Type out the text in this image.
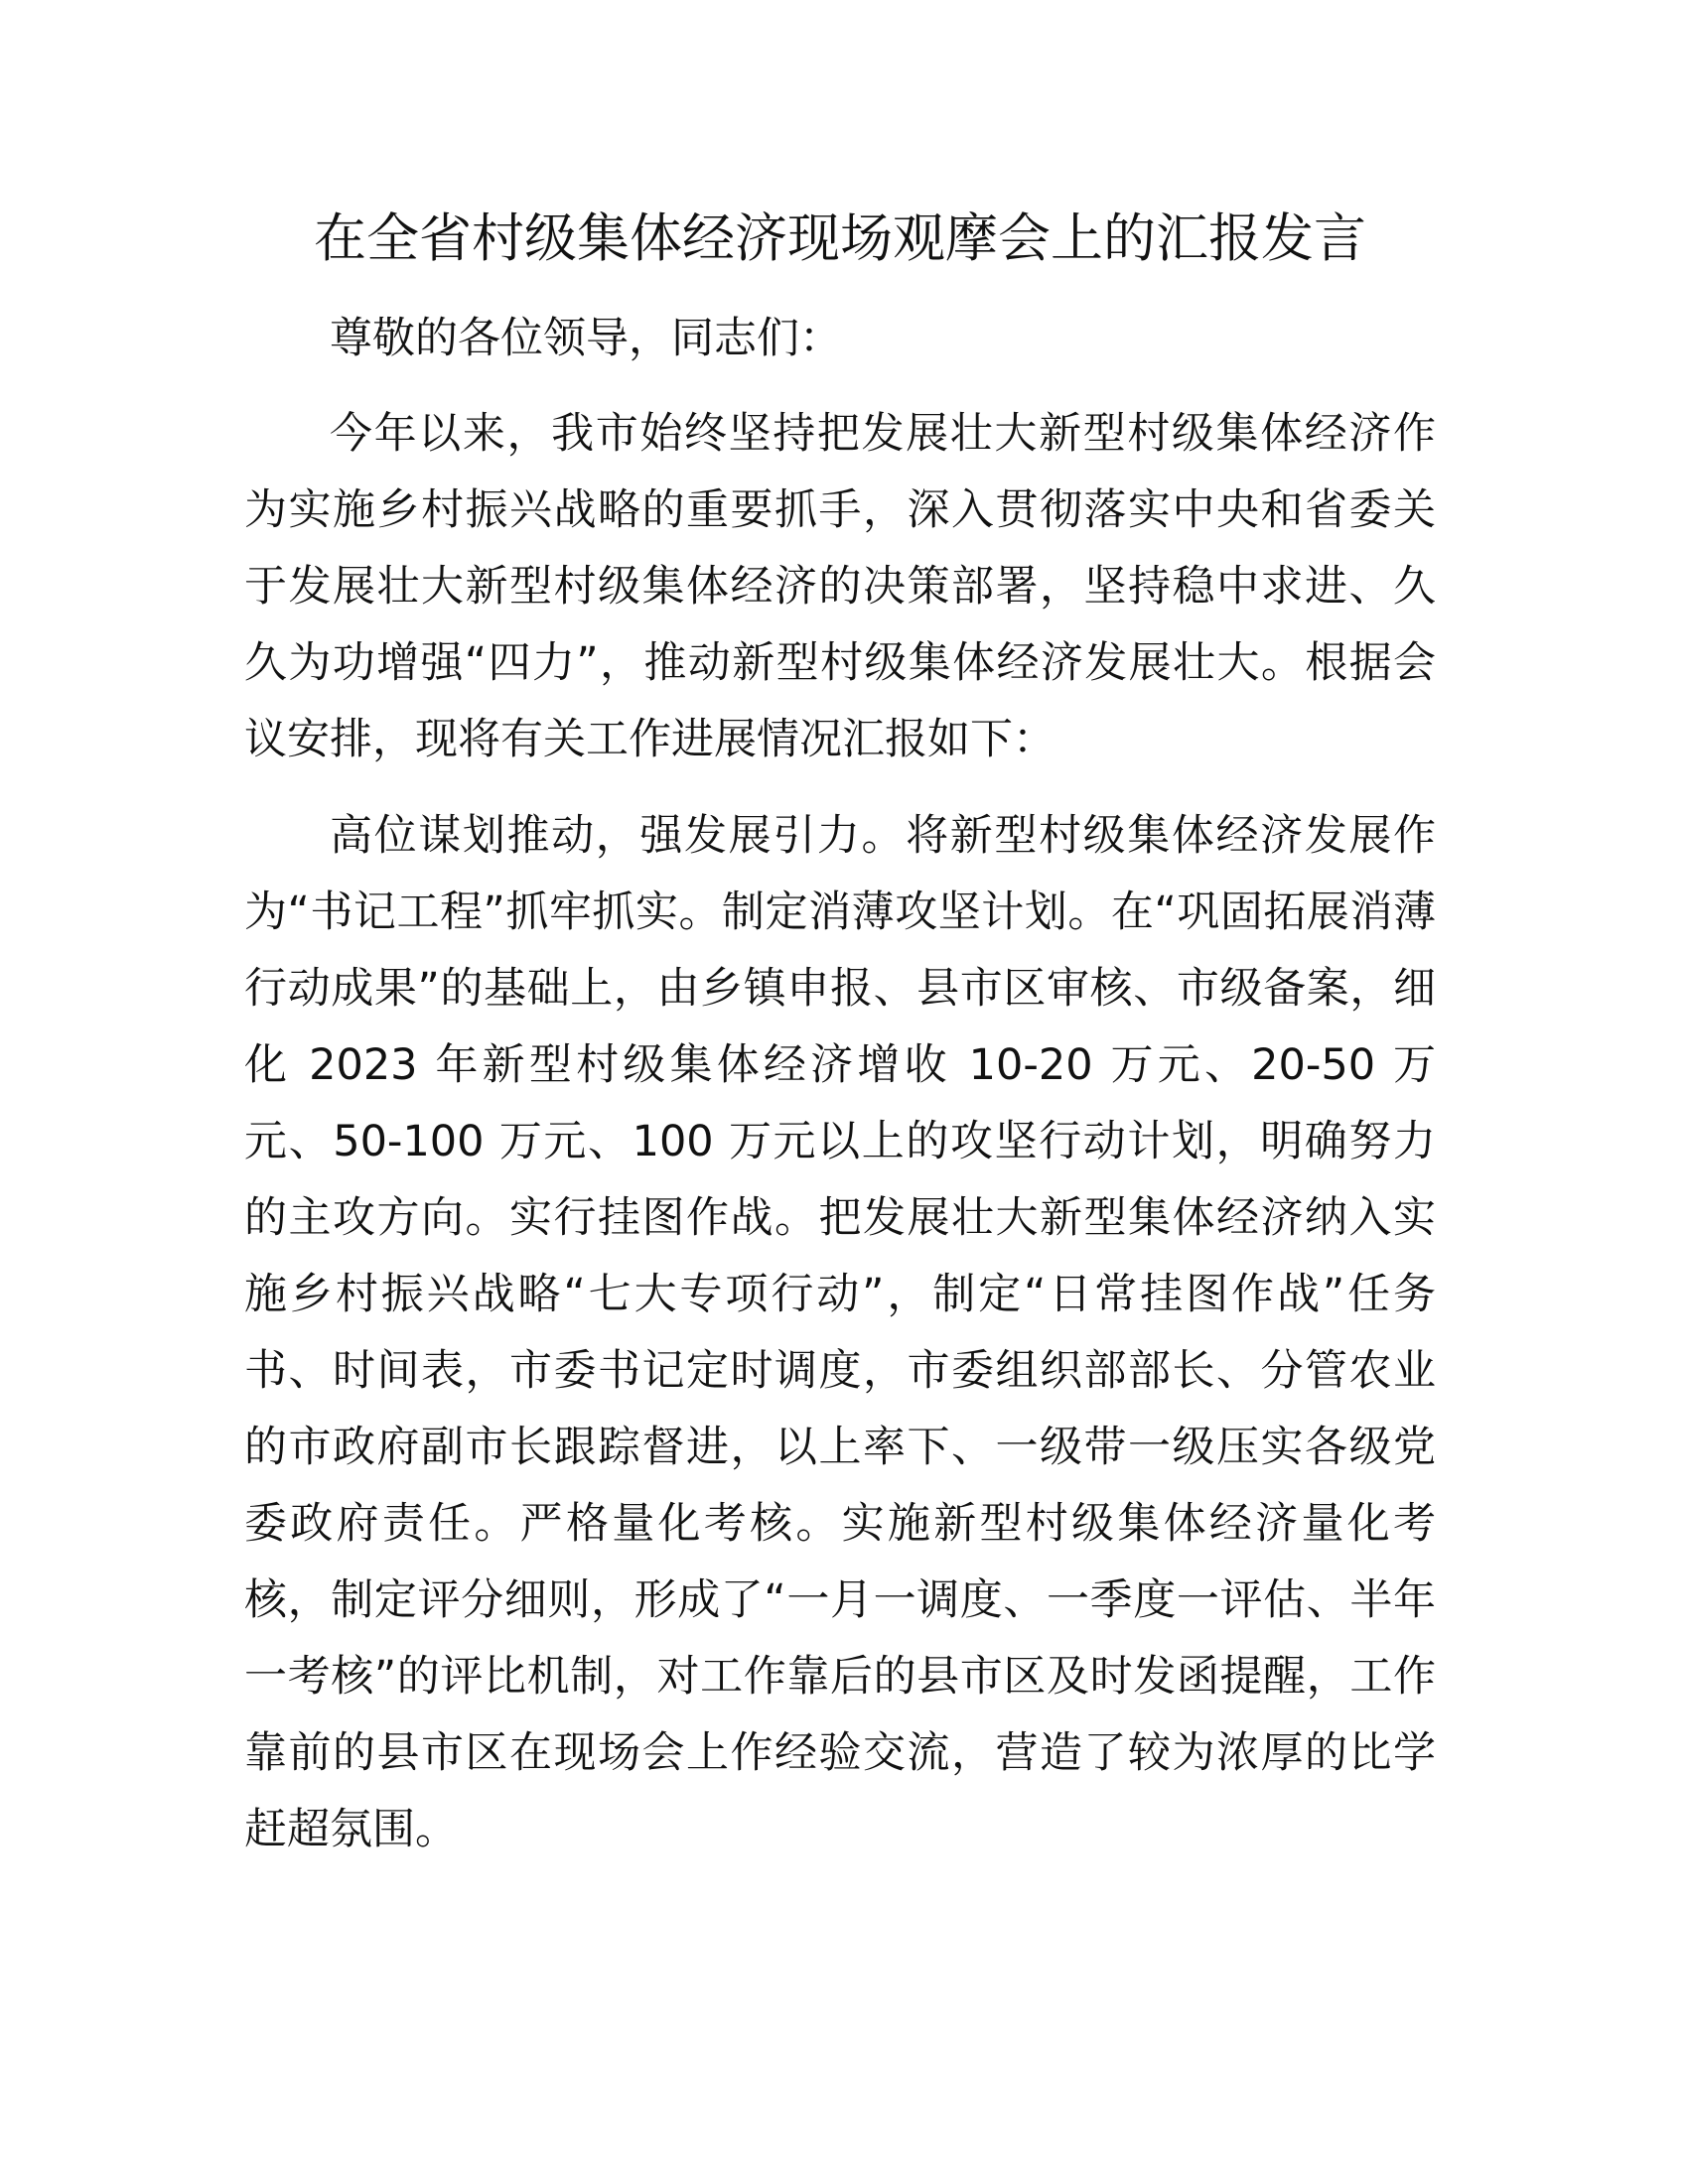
在全省村级集体经济现场观摩会上的汇报发言

尊敬的各位领导，同志们：

今年以来，我市始终坚持把发展壮大新型村级集体经济作为实施乡村振兴战略的重要抓手，深入贯彻落实中央和省委关于发展壮大新型村级集体经济的决策部署，坚持稳中求进、久久为功增强“四力”，推动新型村级集体经济发展壮大。根据会议安排，现将有关工作进展情况汇报如下：

高位谋划推动，强发展引力。将新型村级集体经济发展作为“书记工程”抓牢抓实。制定消薄攻坚计划。在“巩固拓展消薄行动成果”的基础上，由乡镇申报、县市区审核、市级备案，细化 2023 年新型村级集体经济增收 10-20 万元、20-50 万元、50-100 万元、100 万元以上的攻坚行动计划，明确努力的主攻方向。实行挂图作战。把发展壮大新型集体经济纳入实施乡村振兴战略“七大专项行动”，制定“日常挂图作战”任务书、时间表，市委书记定时调度，市委组织部部长、分管农业的市政府副市长跟踪督进，以上率下、一级带一级压实各级党委政府责任。严格量化考核。实施新型村级集体经济量化考核，制定评分细则，形成了“一月一调度、一季度一评估、半年一考核”的评比机制，对工作靠后的县市区及时发函提醒，工作靠前的县市区在现场会上作经验交流，营造了较为浓厚的比学赶超氛围。
